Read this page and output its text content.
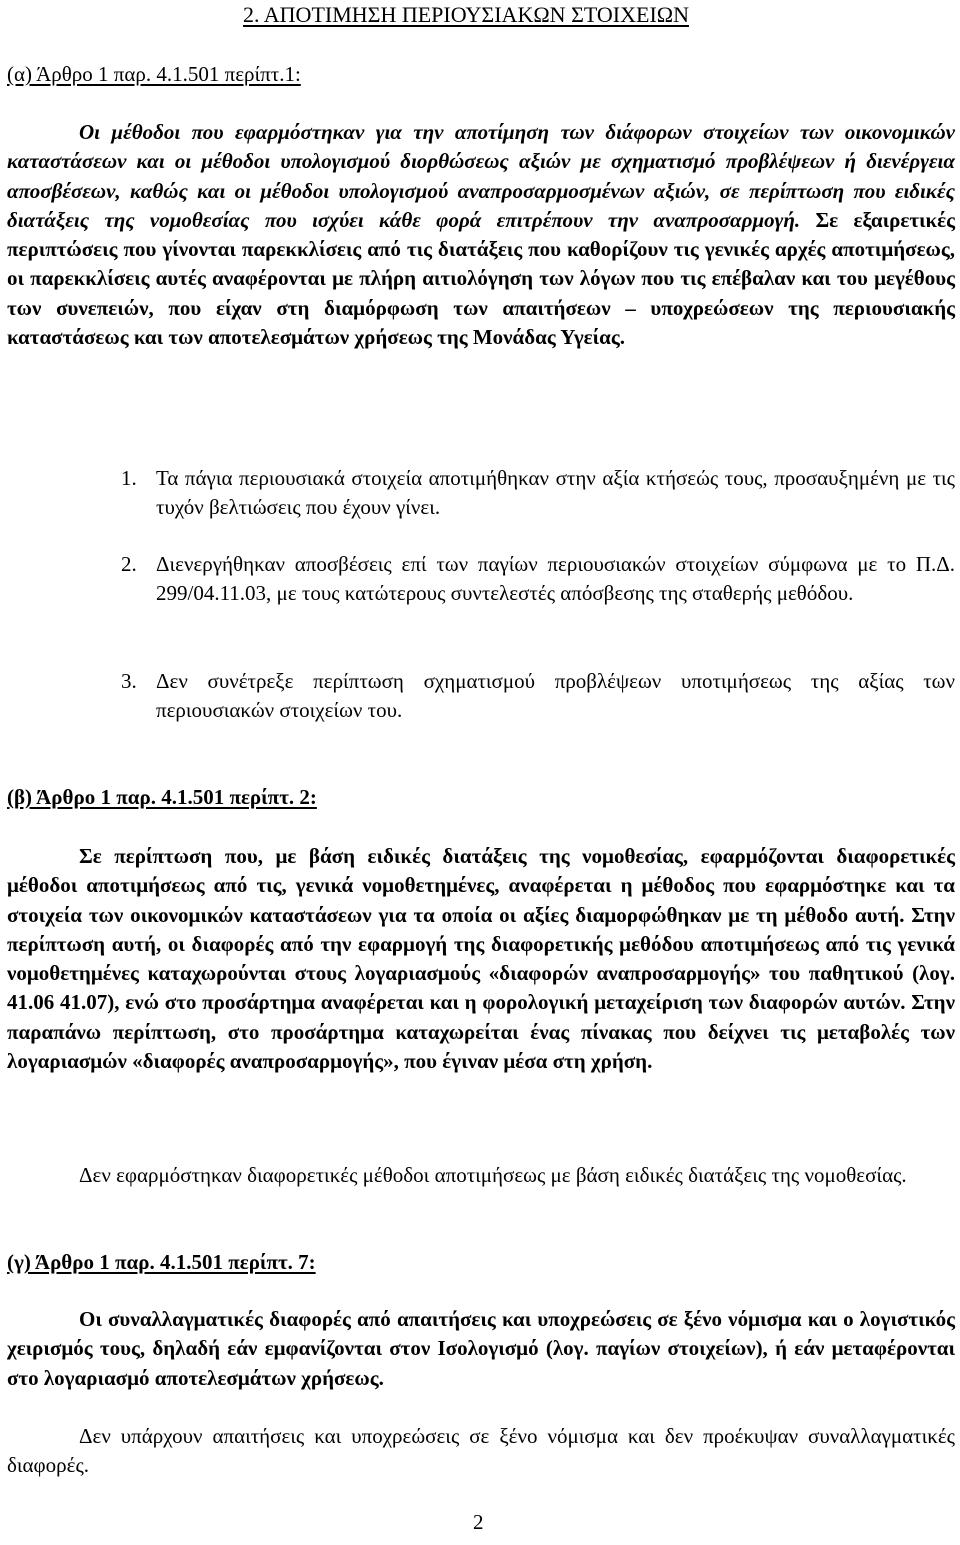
2. ΑΠΟΤΙΜΗΣΗ ΠΕΡΙΟΥΣΙΑΚΩΝ ΣΤΟΙΧΕΙΩΝ
(α) Άρθρο 1 παρ. 4.1.501 περίπτ.1:

Οι μέθοδοι που εφαρμόστηκαν για την αποτίμηση των διάφορων στοιχείων των οικονομικών καταστάσεων και οι μέθοδοι υπολογισμού διορθώσεως αξιών με σχηματισμό προβλέψεων ή διενέργεια αποσβέσεων, καθώς και οι μέθοδοι υπολογισμού αναπροσαρμοσμένων αξιών, σε περίπτωση που ειδικές διατάξεις της νομοθεσίας που ισχύει κάθε φορά επιτρέπουν την αναπροσαρμογή. Σε εξαιρετικές περιπτώσεις που γίνονται παρεκκλίσεις από τις διατάξεις που καθορίζουν τις γενικές αρχές αποτιμήσεως, οι παρεκκλίσεις αυτές αναφέρονται με πλήρη αιτιολόγηση των λόγων που τις επέβαλαν και του μεγέθους των συνεπειών, που είχαν στη διαμόρφωση των απαιτήσεων – υποχρεώσεων της περιουσιακής καταστάσεως και των αποτελεσμάτων χρήσεως της Μονάδας Υγείας.

1. Τα πάγια περιουσιακά στοιχεία αποτιμήθηκαν στην αξία κτήσεώς τους, προσαυξημένη με τις τυχόν βελτιώσεις που έχουν γίνει.

2. Διενεργήθηκαν αποσβέσεις επί των παγίων περιουσιακών στοιχείων σύμφωνα με το Π.Δ. 299/04.11.03, με τους κατώτερους συντελεστές απόσβεσης της σταθερής μεθόδου.

3. Δεν συνέτρεξε περίπτωση σχηματισμού προβλέψεων υποτιμήσεως της αξίας των περιουσιακών στοιχείων του.

(β) Άρθρο 1 παρ. 4.1.501 περίπτ. 2:

Σε περίπτωση που, με βάση ειδικές διατάξεις της νομοθεσίας, εφαρμόζονται διαφορετικές μέθοδοι αποτιμήσεως από τις, γενικά νομοθετημένες, αναφέρεται η μέθοδος που εφαρμόστηκε και τα στοιχεία των οικονομικών καταστάσεων για τα οποία οι αξίες διαμορφώθηκαν με τη μέθοδο αυτή. Στην περίπτωση αυτή, οι διαφορές από την εφαρμογή της διαφορετικής μεθόδου αποτιμήσεως από τις γενικά νομοθετημένες καταχωρούνται στους λογαριασμούς «διαφορών αναπροσαρμογής» του παθητικού (λογ. 41.06 41.07), ενώ στο προσάρτημα αναφέρεται και η φορολογική μεταχείριση των διαφορών αυτών. Στην παραπάνω περίπτωση, στο προσάρτημα καταχωρείται ένας πίνακας που δείχνει τις μεταβολές των λογαριασμών «διαφορές αναπροσαρμογής», που έγιναν μέσα στη χρήση.

Δεν εφαρμόστηκαν διαφορετικές μέθοδοι αποτιμήσεως με βάση ειδικές διατάξεις της νομοθεσίας.

(γ) Άρθρο 1 παρ. 4.1.501 περίπτ. 7:

Οι συναλλαγματικές διαφορές από απαιτήσεις και υποχρεώσεις σε ξένο νόμισμα και ο λογιστικός χειρισμός τους, δηλαδή εάν εμφανίζονται στον Ισολογισμό (λογ. παγίων στοιχείων), ή εάν μεταφέρονται στο λογαριασμό αποτελεσμάτων χρήσεως.

Δεν υπάρχουν απαιτήσεις και υποχρεώσεις σε ξένο νόμισμα και δεν προέκυψαν συναλλαγματικές διαφορές.

2
